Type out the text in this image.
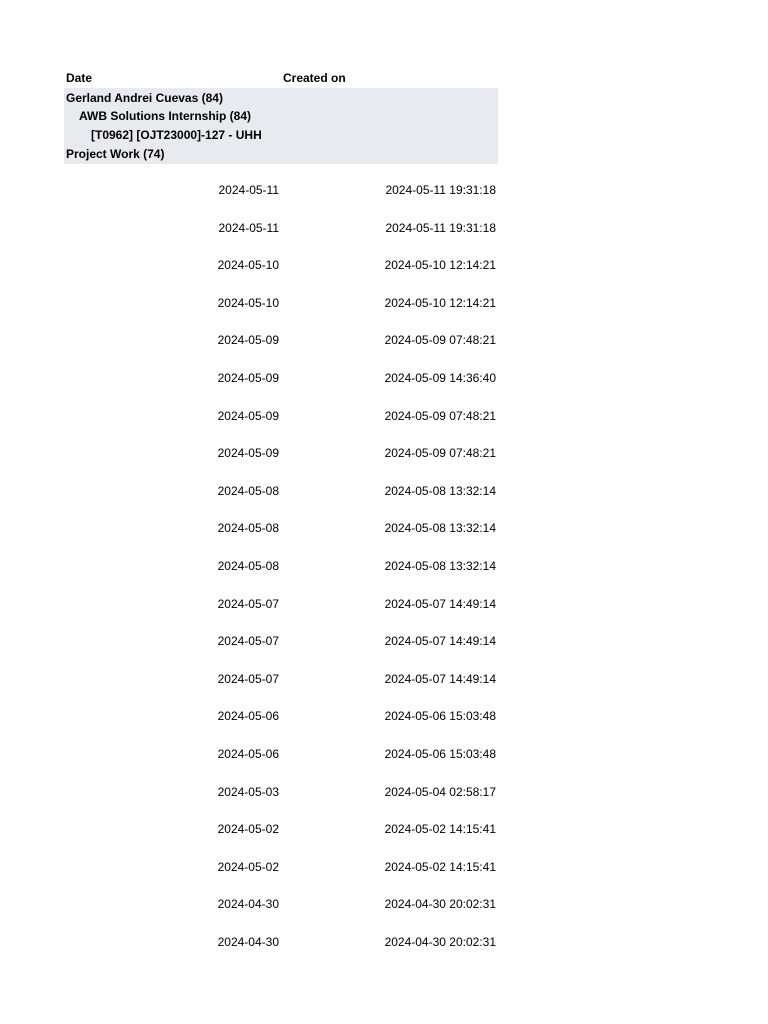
Date	Created on
Gerland Andrei Cuevas (84)
AWB Solutions Internship (84)
[T0962] [OJT23000]-127 - UHH
Project Work (74)
2024-05-11	2024-05-11 19:31:18
2024-05-11	2024-05-11 19:31:18
2024-05-10	2024-05-10 12:14:21
2024-05-10	2024-05-10 12:14:21
2024-05-09	2024-05-09 07:48:21
2024-05-09	2024-05-09 14:36:40
2024-05-09	2024-05-09 07:48:21
2024-05-09	2024-05-09 07:48:21
2024-05-08	2024-05-08 13:32:14
2024-05-08	2024-05-08 13:32:14
2024-05-08	2024-05-08 13:32:14
2024-05-07	2024-05-07 14:49:14
2024-05-07	2024-05-07 14:49:14
2024-05-07	2024-05-07 14:49:14
2024-05-06	2024-05-06 15:03:48
2024-05-06	2024-05-06 15:03:48
2024-05-03	2024-05-04 02:58:17
2024-05-02	2024-05-02 14:15:41
2024-05-02	2024-05-02 14:15:41
2024-04-30	2024-04-30 20:02:31
2024-04-30	2024-04-30 20:02:31
